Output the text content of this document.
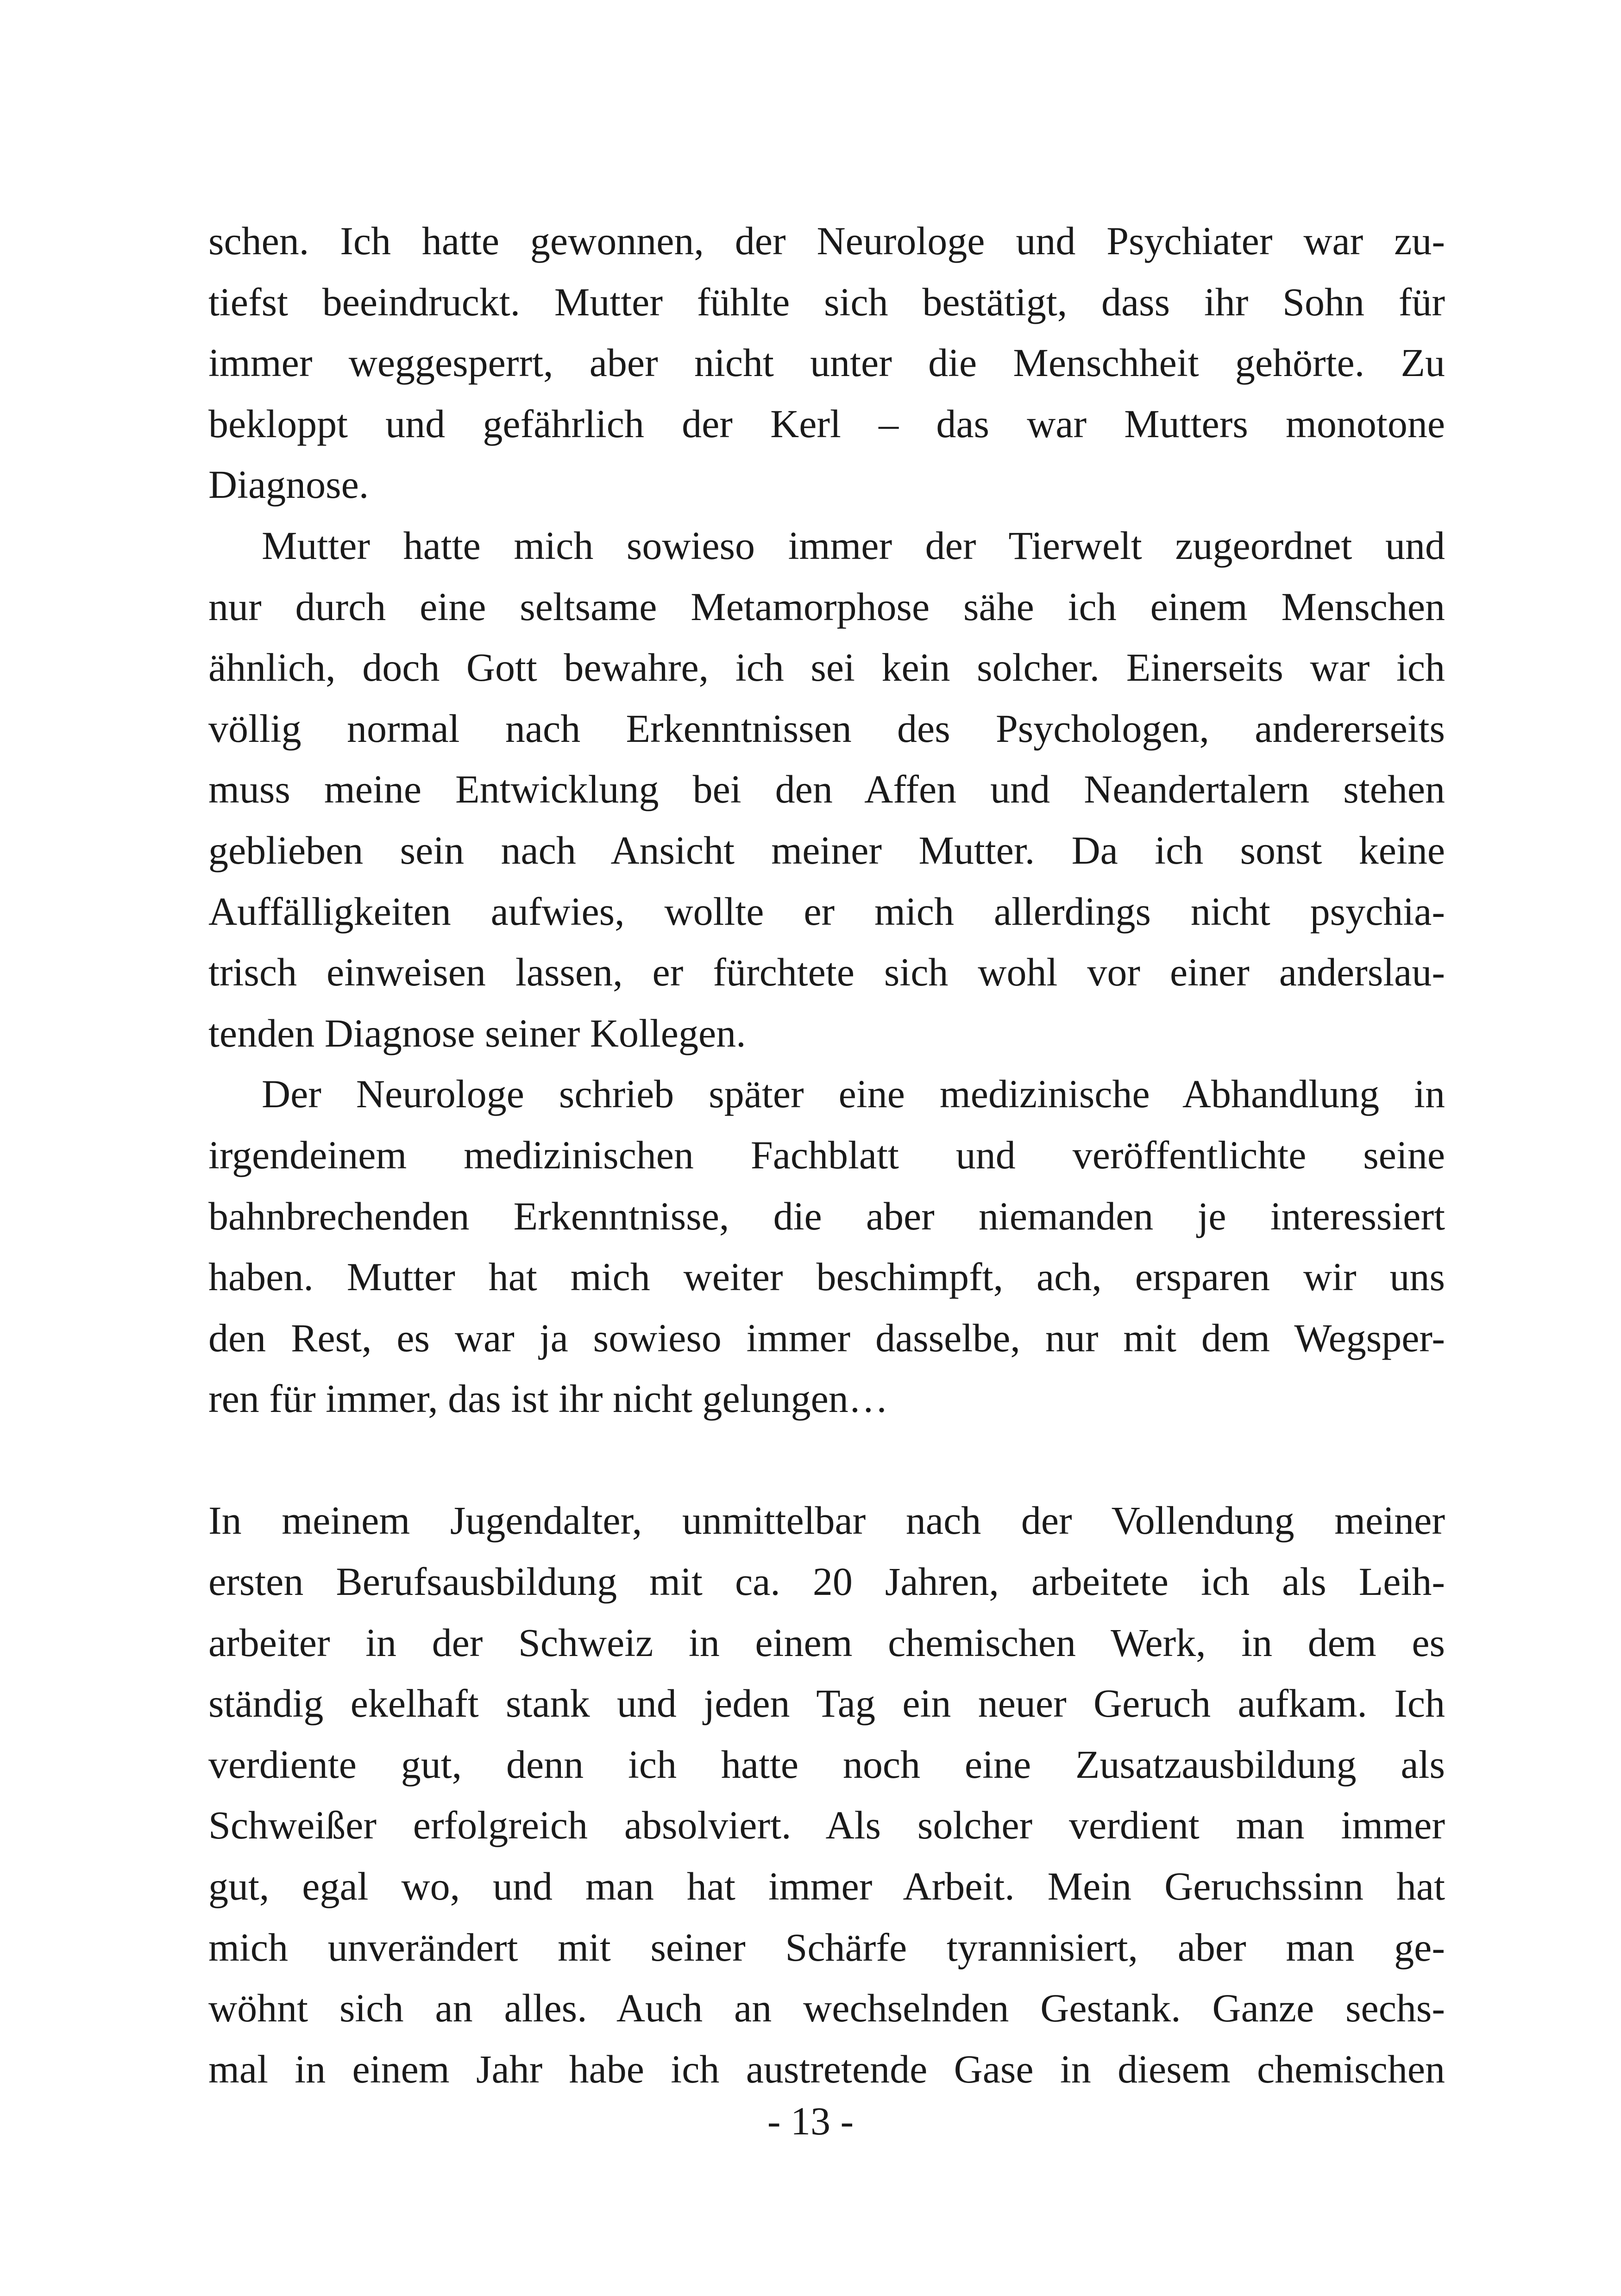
schen. Ich hatte gewonnen, der Neurologe und Psychiater war zu-
tiefst beeindruckt. Mutter fühlte sich bestätigt, dass ihr Sohn für
immer weggesperrt, aber nicht unter die Menschheit gehörte. Zu
bekloppt und gefährlich der Kerl – das war Mutters monotone
Diagnose.
Mutter hatte mich sowieso immer der Tierwelt zugeordnet und
nur durch eine seltsame Metamorphose sähe ich einem Menschen
ähnlich, doch Gott bewahre, ich sei kein solcher. Einerseits war ich
völlig normal nach Erkenntnissen des Psychologen, andererseits
muss meine Entwicklung bei den Affen und Neandertalern stehen
geblieben sein nach Ansicht meiner Mutter. Da ich sonst keine
Auffälligkeiten aufwies, wollte er mich allerdings nicht psychia-
trisch einweisen lassen, er fürchtete sich wohl vor einer anderslau-
tenden Diagnose seiner Kollegen.
Der Neurologe schrieb später eine medizinische Abhandlung in
irgendeinem medizinischen Fachblatt und veröffentlichte seine
bahnbrechenden Erkenntnisse, die aber niemanden je interessiert
haben. Mutter hat mich weiter beschimpft, ach, ersparen wir uns
den Rest, es war ja sowieso immer dasselbe, nur mit dem Wegsper-
ren für immer, das ist ihr nicht gelungen…
In meinem Jugendalter, unmittelbar nach der Vollendung meiner
ersten Berufsausbildung mit ca. 20 Jahren, arbeitete ich als Leih-
arbeiter in der Schweiz in einem chemischen Werk, in dem es
ständig ekelhaft stank und jeden Tag ein neuer Geruch aufkam. Ich
verdiente gut, denn ich hatte noch eine Zusatzausbildung als
Schweißer erfolgreich absolviert. Als solcher verdient man immer
gut, egal wo, und man hat immer Arbeit. Mein Geruchssinn hat
mich unverändert mit seiner Schärfe tyrannisiert, aber man ge-
wöhnt sich an alles. Auch an wechselnden Gestank. Ganze sechs-
mal in einem Jahr habe ich austretende Gase in diesem chemischen
- 13 -
